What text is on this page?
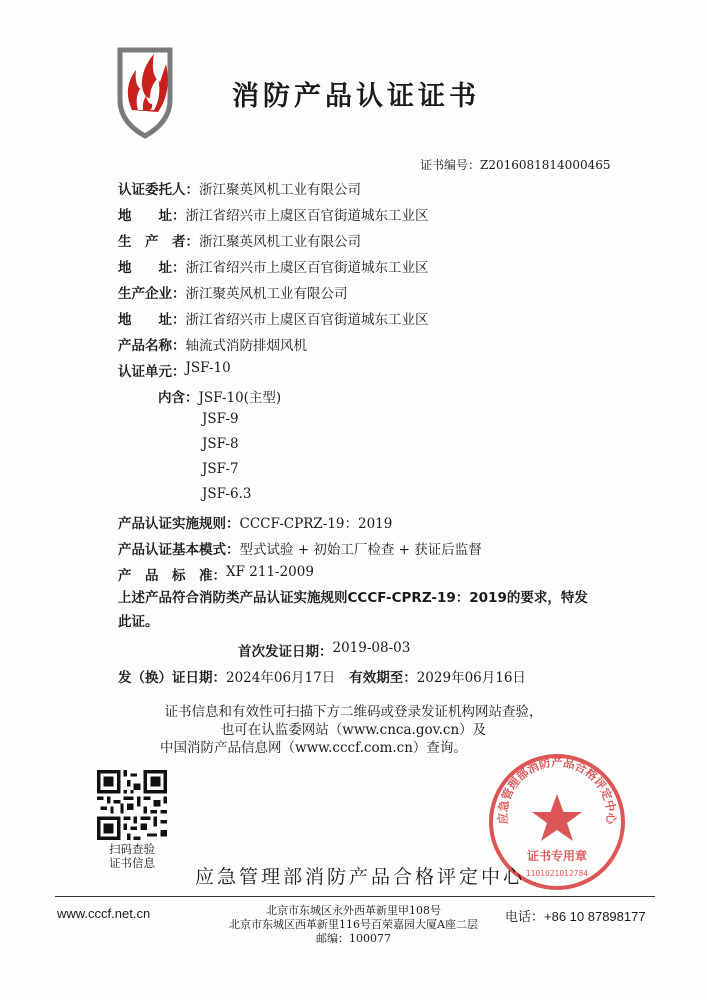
消防产品认证证书
证书编号：Z2016081814000465
认证委托人： 浙江聚英风机工业有限公司
地　　址： 浙江省绍兴市上虞区百官街道城东工业区
生　产　者： 浙江聚英风机工业有限公司
地　　址： 浙江省绍兴市上虞区百官街道城东工业区
生产企业： 浙江聚英风机工业有限公司
地　　址： 浙江省绍兴市上虞区百官街道城东工业区
产品名称： 轴流式消防排烟风机
认证单元： JSF-10
内含： JSF-10(主型)
JSF-9
JSF-8
JSF-7
JSF-6.3
产品认证实施规则： CCCF-CPRZ-19：2019
产品认证基本模式： 型式试验 + 初始工厂检查 + 获证后监督
产　品　标　准： XF 211-2009
上述产品符合消防类产品认证实施规则CCCF-CPRZ-19：2019的要求，特发
此证。
首次发证日期： 2019-08-03
发（换）证日期： 2024年06月17日 有效期至： 2029年06月16日
证书信息和有效性可扫描下方二维码或登录发证机构网站查验，
也可在认监委网站（www.cnca.gov.cn）及
中国消防产品信息网（www.cccf.com.cn）查询。
扫码查验
证书信息
应急管理部消防产品合格评定中心
证书专用章
1101021012784
应急管理部消防产品合格评定中心
www.cccf.net.cn	北京市东城区永外西革新里甲108号
北京市东城区西革新里116号百荣嘉园大厦A座二层
邮编：100077
电话：+86 10 87898177
